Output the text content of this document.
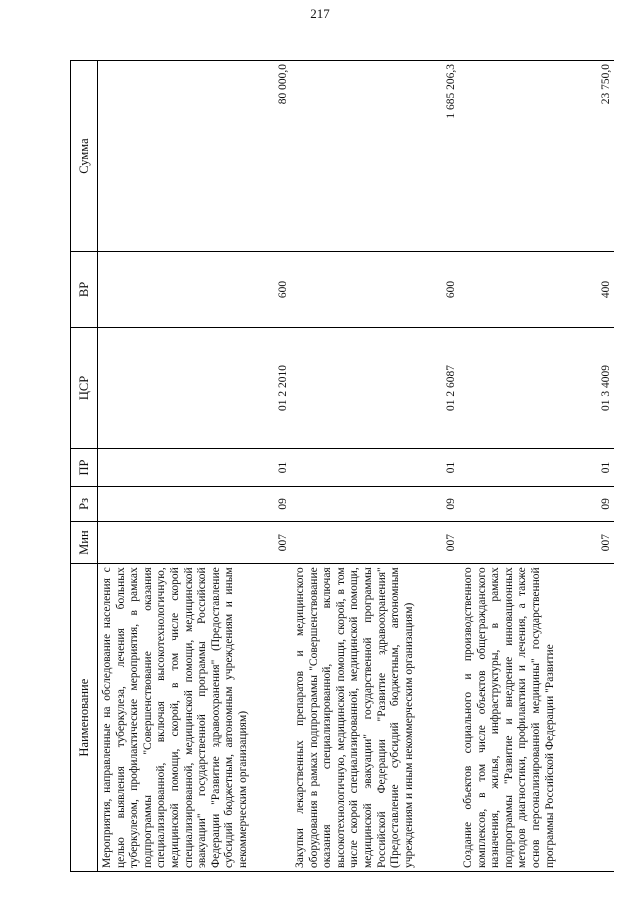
217
Наименование	Мин	Рз	ПР	ЦСР	ВР	Сумма
Мероприятия, направленные на обследование населения с целью выявления туберкулеза, лечения больных туберкулезом, профилактические мероприятия, в рамках подпрограммы "Совершенствование оказания специализированной, включая высокотехнологичную, медицинской помощи, скорой, в том числе скорой специализированной, медицинской помощи, медицинской эвакуации" государственной программы Российской Федерации "Развитие здравоохранения" (Предоставление субсидий бюджетным, автономным учреждениям и иным некоммерческим организациям)	007	09	01	01 2 2010	600	80 000,0
Закупки лекарственных препаратов и медицинского оборудования в рамках подпрограммы "Совершенствование оказания специализированной, включая высокотехнологичную, медицинской помощи, скорой, в том числе скорой специализированной, медицинской помощи, медицинской эвакуации" государственной программы Российской Федерации "Развитие здравоохранения" (Предоставление субсидий бюджетным, автономным учреждениям и иным некоммерческим организациям)	007	09	01	01 2 6087	600	1 685 206,3
Создание объектов социального и производственного комплексов, в том числе объектов общегражданского назначения, жилья, инфраструктуры, в рамках подпрограммы "Развитие и внедрение инновационных методов диагностики, профилактики и лечения, а также основ персонализированной медицины" государственной программы Российской Федерации "Развитие	007	09	01	01 3 4009	400	23 750,0
